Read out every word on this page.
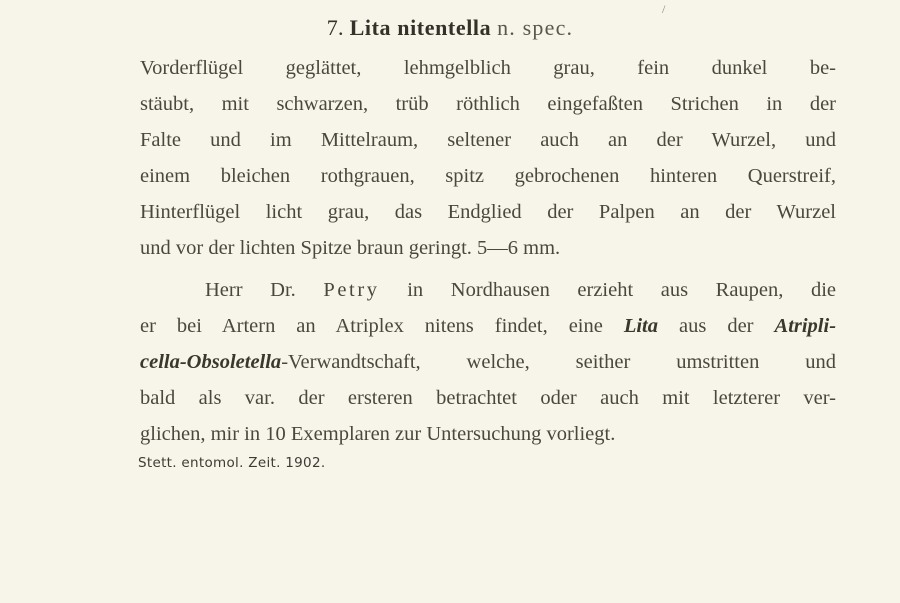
/
7. Lita nitentella n. spec.
Vorderflügel geglättet, lehmgelblich grau, fein dunkel be-
stäubt, mit schwarzen, trüb röthlich eingefaßten Strichen in der
Falte und im Mittelraum, seltener auch an der Wurzel, und
einem bleichen rothgrauen, spitz gebrochenen hinteren Querstreif,
Hinterflügel licht grau, das Endglied der Palpen an der Wurzel
und vor der lichten Spitze braun geringt. 5—6 mm.
Herr Dr. Petry in Nordhausen erzieht aus Raupen, die
er bei Artern an Atriplex nitens findet, eine Lita aus der Atripli-
cella-Obsoletella-Verwandtschaft, welche, seither umstritten und
bald als var. der ersteren betrachtet oder auch mit letzterer ver-
glichen, mir in 10 Exemplaren zur Untersuchung vorliegt.
Stett. entomol. Zeit. 1902.
